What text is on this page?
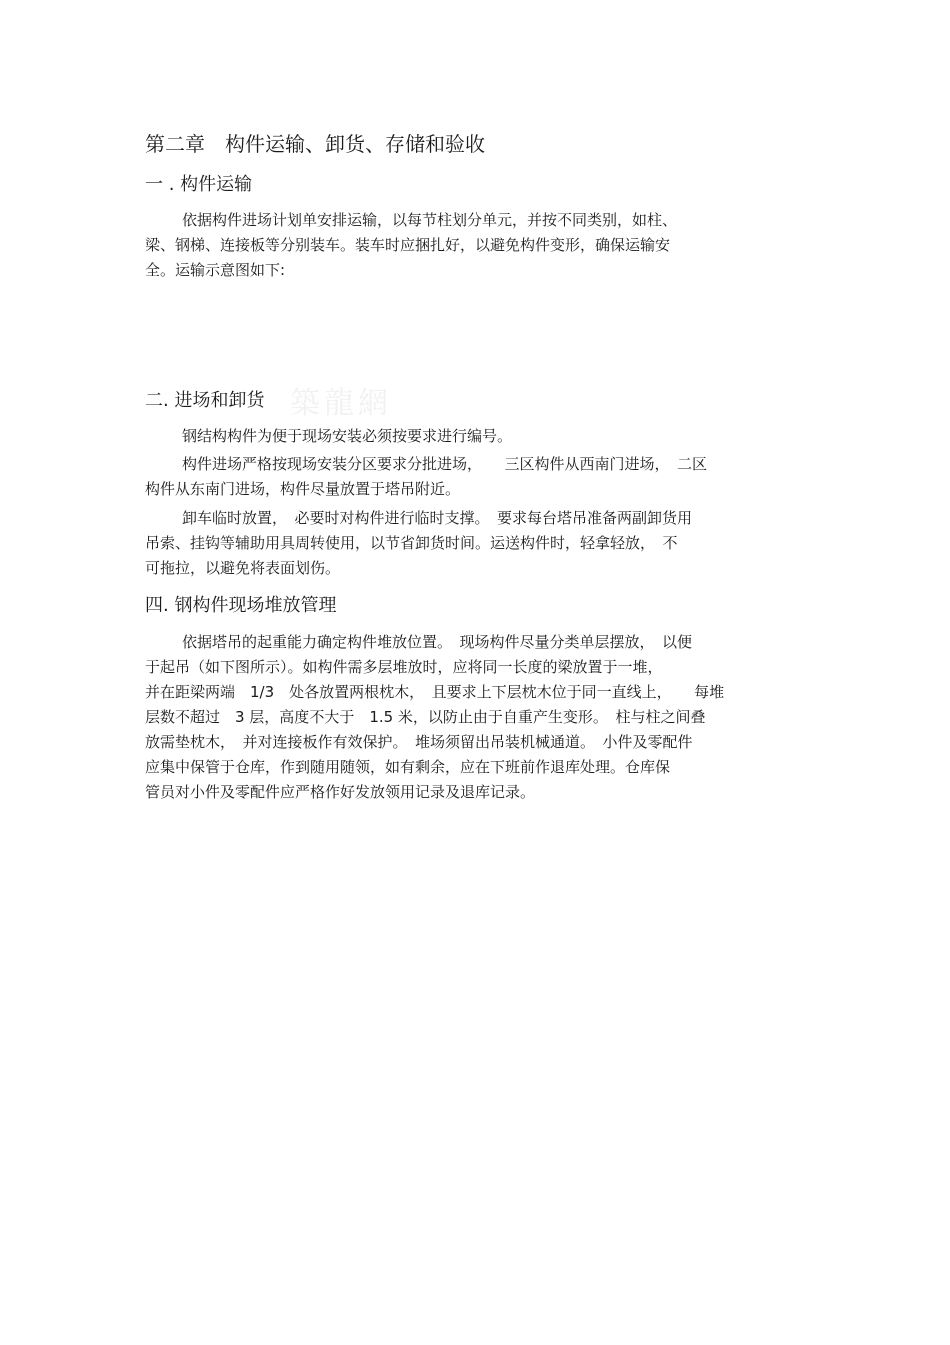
第二章　构件运输、卸货、存储和验收
一 . 构件运输

依据构件进场计划单安排运输，以每节柱划分单元，并按不同类别，如柱、
梁、钢梯、连接板等分别装车。装车时应捆扎好，以避免构件变形，确保运输安
全。运输示意图如下:

築龍網
二. 进场和卸货

钢结构构件为便于现场安装必须按要求进行编号。

构件进场严格按现场安装分区要求分批进场，　　三区构件从西南门进场，　二区
构件从东南门进场，构件尽量放置于塔吊附近。

卸车临时放置，　必要时对构件进行临时支撑。　要求每台塔吊准备两副卸货用
吊索、挂钩等辅助用具周转使用，以节省卸货时间。运送构件时，轻拿轻放，　不
可拖拉，以避免将表面划伤。

四. 钢构件现场堆放管理

依据塔吊的起重能力确定构件堆放位置。　现场构件尽量分类单层摆放，　以便
于起吊（如下图所示）。如构件需多层堆放时，应将同一长度的梁放置于一堆，
并在距梁两端　1/3　处各放置两根枕木，　且要求上下层枕木位于同一直线上，　　每堆
层数不超过　3 层，高度不大于　1.5 米，以防止由于自重产生变形。　柱与柱之间叠
放需垫枕木，　并对连接板作有效保护。　堆场须留出吊装机械通道。　小件及零配件
应集中保管于仓库，作到随用随领，如有剩余，应在下班前作退库处理。仓库保
管员对小件及零配件应严格作好发放领用记录及退库记录。
